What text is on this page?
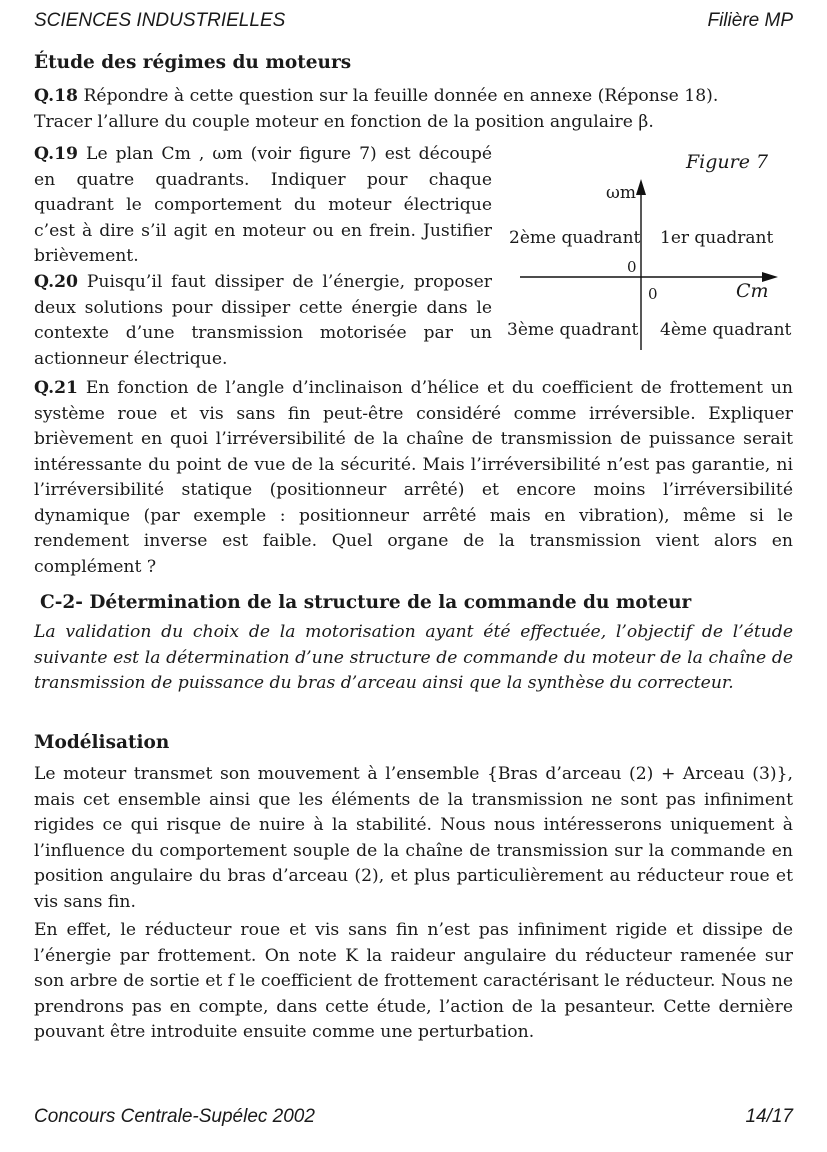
SCIENCES INDUSTRIELLES	Filière MP
Étude des régimes du moteurs
Q.18 Répondre à cette question sur la feuille donnée en annexe (Réponse 18).
Tracer l’allure du couple moteur en fonction de la position angulaire β.
Q.19 Le plan Cm , ωm (voir figure 7) est découpé en quatre quadrants. Indiquer pour chaque quadrant le comportement du moteur électrique c’est à dire s’il agit en moteur ou en frein. Justifier brièvement.
Q.20 Puisqu’il faut dissiper de l’énergie, proposer deux solutions pour dissiper cette énergie dans le contexte d’une transmission motorisée par un actionneur électrique.
Figure 7
ωm
2ème quadrant 1er quadrant
0
0	Cm
3ème quadrant 4ème quadrant
Q.21 En fonction de l’angle d’inclinaison d’hélice et du coefficient de frottement un système roue et vis sans fin peut-être considéré comme irréversible. Expliquer brièvement en quoi l’irréversibilité de la chaîne de transmission de puissance serait intéressante du point de vue de la sécurité. Mais l’irréversibilité n’est pas garantie, ni l’irréversibilité statique (positionneur arrêté) et encore moins l’irréversibilité dynamique (par exemple : positionneur arrêté mais en vibration), même si le rendement inverse est faible. Quel organe de la transmission vient alors en complément ?
C-2- Détermination de la structure de la commande du moteur
La validation du choix de la motorisation ayant été effectuée, l’objectif de l’étude suivante est la détermination d’une structure de commande du moteur de la chaîne de transmission de puissance du bras d’arceau ainsi que la synthèse du correcteur.
Modélisation
Le moteur transmet son mouvement à l’ensemble {Bras d’arceau (2) + Arceau (3)}, mais cet ensemble ainsi que les éléments de la transmission ne sont pas infiniment rigides ce qui risque de nuire à la stabilité. Nous nous intéresserons uniquement à l’influence du comportement souple de la chaîne de transmission sur la commande en position angulaire du bras d’arceau (2), et plus particulièrement au réducteur roue et vis sans fin.
En effet, le réducteur roue et vis sans fin n’est pas infiniment rigide et dissipe de l’énergie par frottement. On note K la raideur angulaire du réducteur ramenée sur son arbre de sortie et f le coefficient de frottement caractérisant le réducteur. Nous ne prendrons pas en compte, dans cette étude, l’action de la pesanteur. Cette dernière pouvant être introduite ensuite comme une perturbation.
Concours Centrale-Supélec 2002	14/17
